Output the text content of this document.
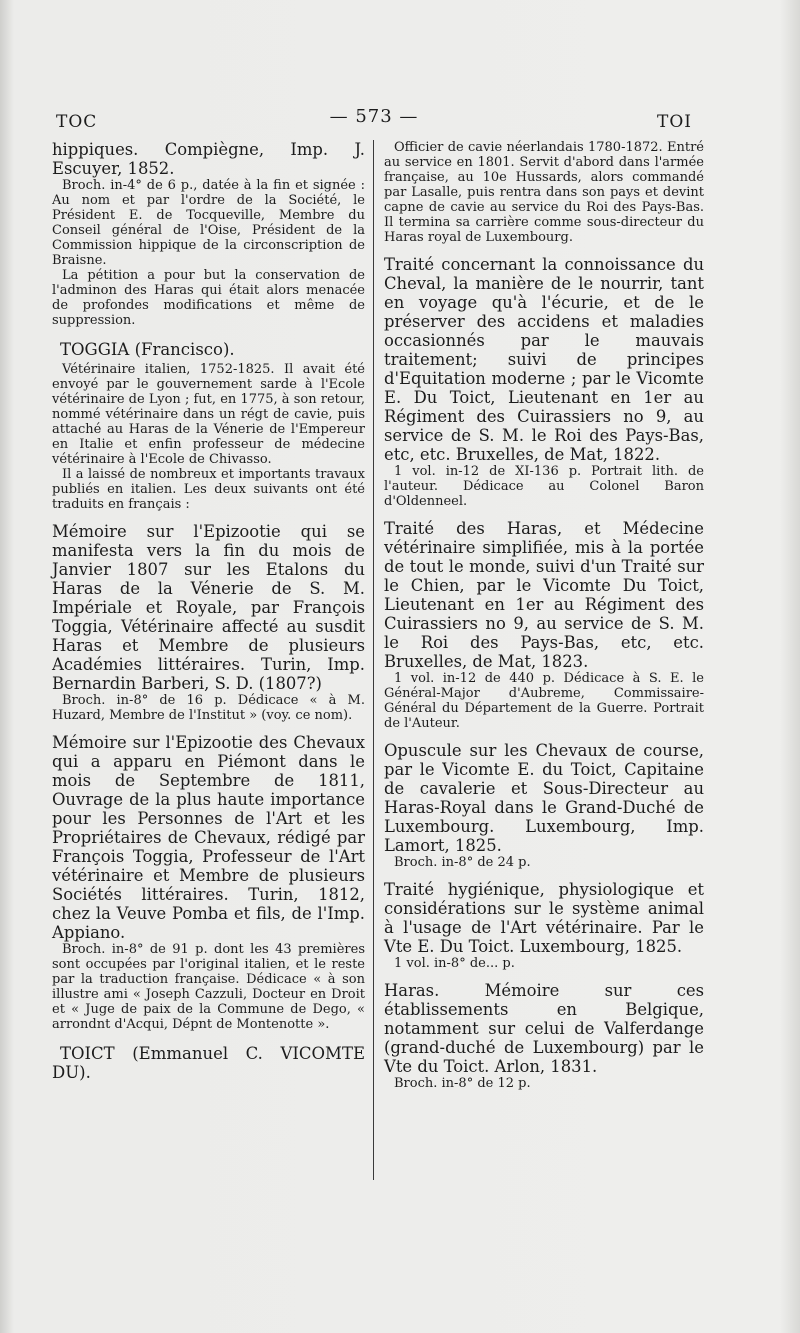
TOC	— 573 —	TOI

hippiques. Compiègne, Imp. J. Escuyer, 1852.

Broch. in-4° de 6 p., datée à la fin et signée : Au nom et par l'ordre de la Société, le Président E. de Tocqueville, Membre du Conseil général de l'Oise, Président de la Commission hippique de la circonscription de Braisne.

La pétition a pour but la conservation de l'adminon des Haras qui était alors menacée de profondes modifications et même de suppression.

TOGGIA (Francisco).

Vétérinaire italien, 1752-1825. Il avait été envoyé par le gouvernement sarde à l'Ecole vétérinaire de Lyon ; fut, en 1775, à son retour, nommé vétérinaire dans un régt de cavie, puis attaché au Haras de la Vénerie de l'Empereur en Italie et enfin professeur de médecine vétérinaire à l'Ecole de Chivasso.

Il a laissé de nombreux et importants travaux publiés en italien. Les deux suivants ont été traduits en français :

Mémoire sur l'Epizootie qui se manifesta vers la fin du mois de Janvier 1807 sur les Etalons du Haras de la Vénerie de S. M. Impériale et Royale, par François Toggia, Vétérinaire affecté au susdit Haras et Membre de plusieurs Académies littéraires. Turin, Imp. Bernardin Barberi, S. D. (1807?)

Broch. in-8° de 16 p. Dédicace « à M. Huzard, Membre de l'Institut » (voy. ce nom).

Mémoire sur l'Epizootie des Chevaux qui a apparu en Piémont dans le mois de Septembre de 1811, Ouvrage de la plus haute importance pour les Personnes de l'Art et les Propriétaires de Chevaux, rédigé par François Toggia, Professeur de l'Art vétérinaire et Membre de plusieurs Sociétés littéraires. Turin, 1812, chez la Veuve Pomba et fils, de l'Imp. Appiano.

Broch. in-8° de 91 p. dont les 43 premières sont occupées par l'original italien, et le reste par la traduction française. Dédicace « à son illustre ami « Joseph Cazzuli, Docteur en Droit et « Juge de paix de la Commune de Dego, « arrondnt d'Acqui, Dépnt de Montenotte ».

TOICT (Emmanuel C. VICOMTE DU).

Officier de cavie néerlandais 1780-1872. Entré au service en 1801. Servit d'abord dans l'armée française, au 10e Hussards, alors commandé par Lasalle, puis rentra dans son pays et devint capne de cavie au service du Roi des Pays-Bas. Il termina sa carrière comme sous-directeur du Haras royal de Luxembourg.

Traité concernant la connoissance du Cheval, la manière de le nourrir, tant en voyage qu'à l'écurie, et de le préserver des accidens et maladies occasionnés par le mauvais traitement; suivi de principes d'Equitation moderne ; par le Vicomte E. Du Toict, Lieutenant en 1er au Régiment des Cuirassiers no 9, au service de S. M. le Roi des Pays-Bas, etc, etc. Bruxelles, de Mat, 1822.

1 vol. in-12 de XI-136 p. Portrait lith. de l'auteur. Dédicace au Colonel Baron d'Oldenneel.

Traité des Haras, et Médecine vétérinaire simplifiée, mis à la portée de tout le monde, suivi d'un Traité sur le Chien, par le Vicomte Du Toict, Lieutenant en 1er au Régiment des Cuirassiers no 9, au service de S. M. le Roi des Pays-Bas, etc, etc. Bruxelles, de Mat, 1823.

1 vol. in-12 de 440 p. Dédicace à S. E. le Général-Major d'Aubreme, Commissaire-Général du Département de la Guerre. Portrait de l'Auteur.

Opuscule sur les Chevaux de course, par le Vicomte E. du Toict, Capitaine de cavalerie et Sous-Directeur au Haras-Royal dans le Grand-Duché de Luxembourg. Luxembourg, Imp. Lamort, 1825.

Broch. in-8° de 24 p.

Traité hygiénique, physiologique et considérations sur le système animal à l'usage de l'Art vétérinaire. Par le Vte E. Du Toict. Luxembourg, 1825.

1 vol. in-8° de... p.

Haras. Mémoire sur ces établissements en Belgique, notamment sur celui de Valferdange (grand-duché de Luxembourg) par le Vte du Toict. Arlon, 1831.

Broch. in-8° de 12 p.
